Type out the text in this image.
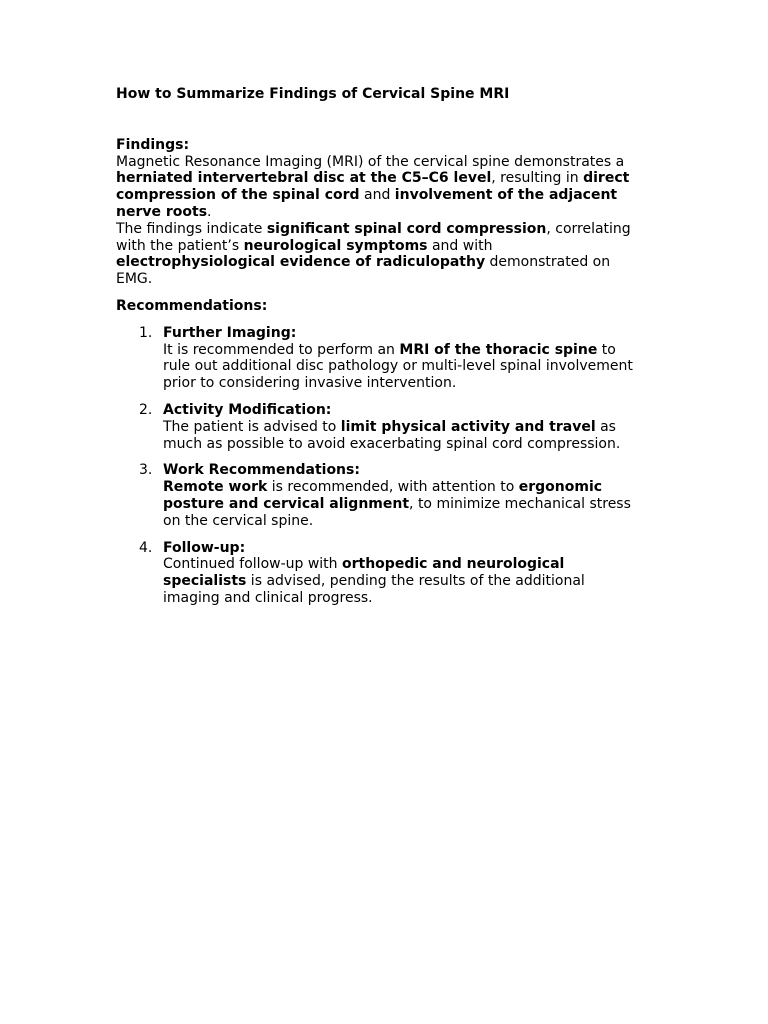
How to Summarize Findings of Cervical Spine MRI

Findings:

Magnetic Resonance Imaging (MRI) of the cervical spine demonstrates a herniated intervertebral disc at the C5–C6 level, resulting in direct compression of the spinal cord and involvement of the adjacent nerve roots.

The findings indicate significant spinal cord compression, correlating with the patient’s neurological symptoms and with electrophysiological evidence of radiculopathy demonstrated on EMG.

Recommendations:

1. Further Imaging:
It is recommended to perform an MRI of the thoracic spine to rule out additional disc pathology or multi-level spinal involvement prior to considering invasive intervention.
2. Activity Modification:
The patient is advised to limit physical activity and travel as much as possible to avoid exacerbating spinal cord compression.
3. Work Recommendations:
Remote work is recommended, with attention to ergonomic posture and cervical alignment, to minimize mechanical stress on the cervical spine.
4. Follow-up:
Continued follow-up with orthopedic and neurological specialists is advised, pending the results of the additional imaging and clinical progress.
